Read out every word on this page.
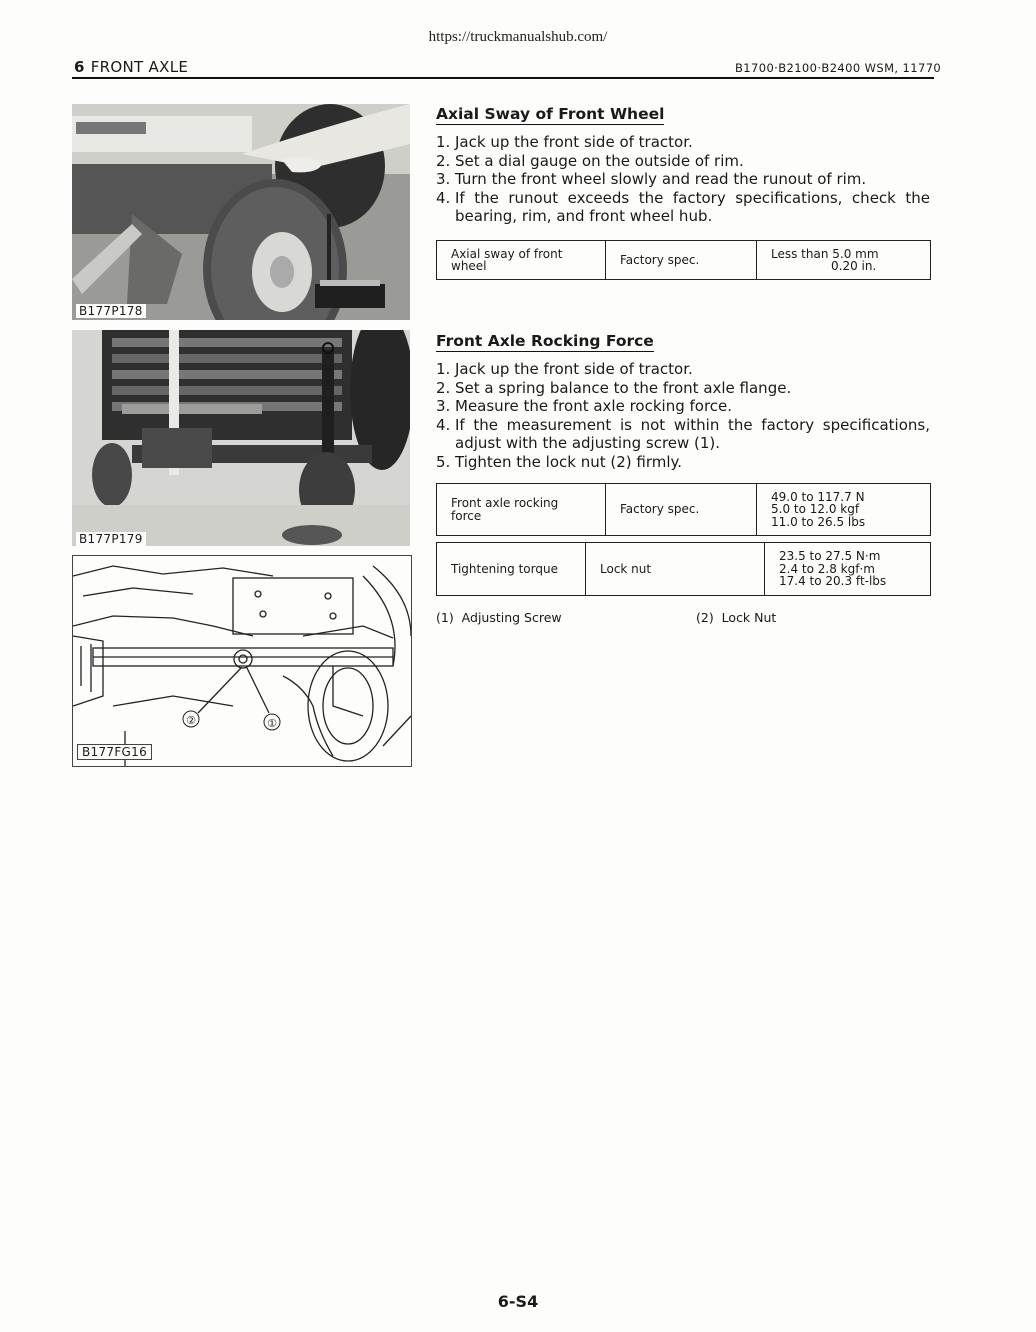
https://truckmanualshub.com/
6 FRONT AXLE	B1700·B2100·B2400 WSM, 11770
B177P178
B177P179
②	①
B177FG16
Axial Sway of Front Wheel
1. Jack up the front side of tractor.
2. Set a dial gauge on the outside of rim.
3. Turn the front wheel slowly and read the runout of rim.
4. If the runout exceeds the factory specifications, check the bearing, rim, and front wheel hub.
Axial sway of front wheel	Factory spec.	Less than 5.0 mm
0.20 in.
Front Axle Rocking Force
1. Jack up the front side of tractor.
2. Set a spring balance to the front axle flange.
3. Measure the front axle rocking force.
4. If the measurement is not within the factory specifications, adjust with the adjusting screw (1).
5. Tighten the lock nut (2) firmly.
Front axle rocking force	Factory spec.	
49.0 to 117.7 N
5.0 to 12.0 kgf
11.0 to 26.5 lbs
Tightening torque	Lock nut	
23.5 to 27.5 N·m
2.4 to 2.8 kgf·m
17.4 to 20.3 ft-lbs
(1) Adjusting Screw	(2) Lock Nut
6-S4
